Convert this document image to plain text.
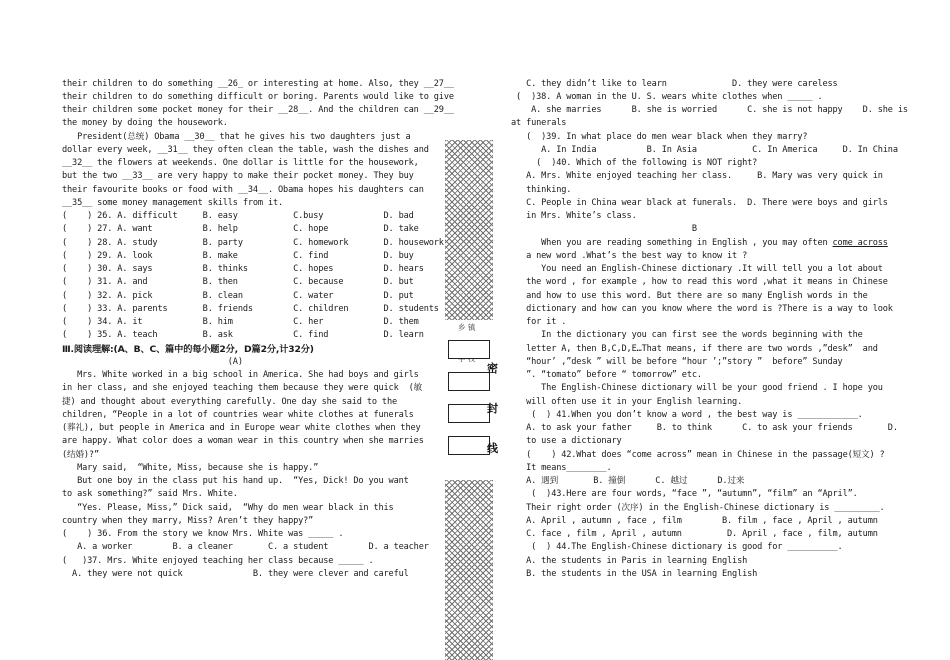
their children to do something __26_ or interesting at home. Also, they __27__
their children to do something difficult or boring. Parents would like to give
their children some pocket money for their __28__. And the children can __29__
the money by doing the housework.
President(总统) Obama __30__ that he gives his two daughters just a
dollar every week, __31__ they often clean the table, wash the dishes and
__32__ the flowers at weekends. One dollar is little for the housework,
but the two __33__ are very happy to make their pocket money. They buy
their favourite books or food with __34__. Obama hopes his daughters can
__35__ some money management skills from it.
(    ) 26. A. difficult     B. easy           C.busy            D. bad
(    ) 27. A. want          B. help           C. hope           D. take
(    ) 28. A. study         B. party          C. homework       D. housework
(    ) 29. A. look          B. make           C. find           D. buy
(    ) 30. A. says          B. thinks         C. hopes          D. hears
(    ) 31. A. and           B. then           C. because        D. but
(    ) 32. A. pick          B. clean          C. water          D. put
(    ) 33. A. parents       B. friends        C. children       D. students
(    ) 34. A. it            B. him            C. her            D. them
(    ) 35. A. teach         B. ask            C. find           D. learn
Ⅲ.阅读理解:(A、B、C、篇中的每小题2分,  D篇2分,计32分)
(A)
Mrs. White worked in a big school in America. She had boys and girls
in her class, and she enjoyed teaching them because they were quick  (敏
捷) and thought about everything carefully. One day she said to the
children, “People in a lot of countries wear white clothes at funerals
(葬礼), but people in America and in Europe wear white clothes when they
are happy. What color does a woman wear in this country when she marries
(结婚)?”
Mary said,  “White, Miss, because she is happy.”
But one boy in the class put his hand up.  “Yes, Dick! Do you want
to ask something?” said Mrs. White.
“Yes. Please, Miss,” Dick said,  “Why do men wear black in this
country when they marry, Miss? Aren’t they happy?”
(    ) 36. From the story we know Mrs. White was _____ .
A. a worker        B. a cleaner       C. a student        D. a teacher
(   )37. Mrs. White enjoyed teaching her class because _____ .
A. they were not quick              B. they were clever and careful
C. they didn’t like to learn             D. they were careless
(  )38. A woman in the U. S. wears white clothes when _____ .
A. she marries      B. she is worried      C. she is not happy    D. she is
at funerals
(  )39. In what place do men wear black when they marry?
A. In India          B. In Asia           C. In America     D. In China
(  )40. Which of the following is NOT right?
A. Mrs. White enjoyed teaching her class.     B. Mary was very quick in
thinking.
C. People in China wear black at funerals.  D. There were boys and girls
in Mrs. White’s class.
B
When you are reading something in English , you may often come across
a new word .What’s the best way to know it ?
You need an English-Chinese dictionary .It will tell you a lot about
the word , for example , how to read this word ,what it means in Chinese
and how to use this word. But there are so many English words in the
dictionary and how can you know where the word is ?There is a way to look
for it .
In the dictionary you can first see the words beginning with the
letter A, then B,C,D,E…That means, if there are two words ,”desk”  and
“hour’ ,”desk ” will be before “hour ’;”story ”  before” Sunday
”. “tomato” before “ tomorrow” etc.
The English-Chinese dictionary will be your good friend . I hope you
will often use it in your English learning.
(  ) 41.When you don’t know a word , the best way is ____________.
A. to ask your father     B. to think      C. to ask your friends       D.
to use a dictionary
(    ) 42.What does “come across” mean in Chinese in the passage(短文) ?
It means________.
A. 遇到       B. 撞倒      C. 越过      D.过来
(  )43.Here are four words, “face ”, “autumn”, “film” an “April”.
Their right order (次序) in the English-Chinese dictionary is _________.
A. April , autumn , face , film        B. film , face , April , autumn
C. face , film , April , autumn         D. April , face , film, autumn
(  ) 44.The English-Chinese dictionary is good for __________.
A. the students in Paris in learning English
B. the students in the USA in learning English
乡 镇
密
封
线
